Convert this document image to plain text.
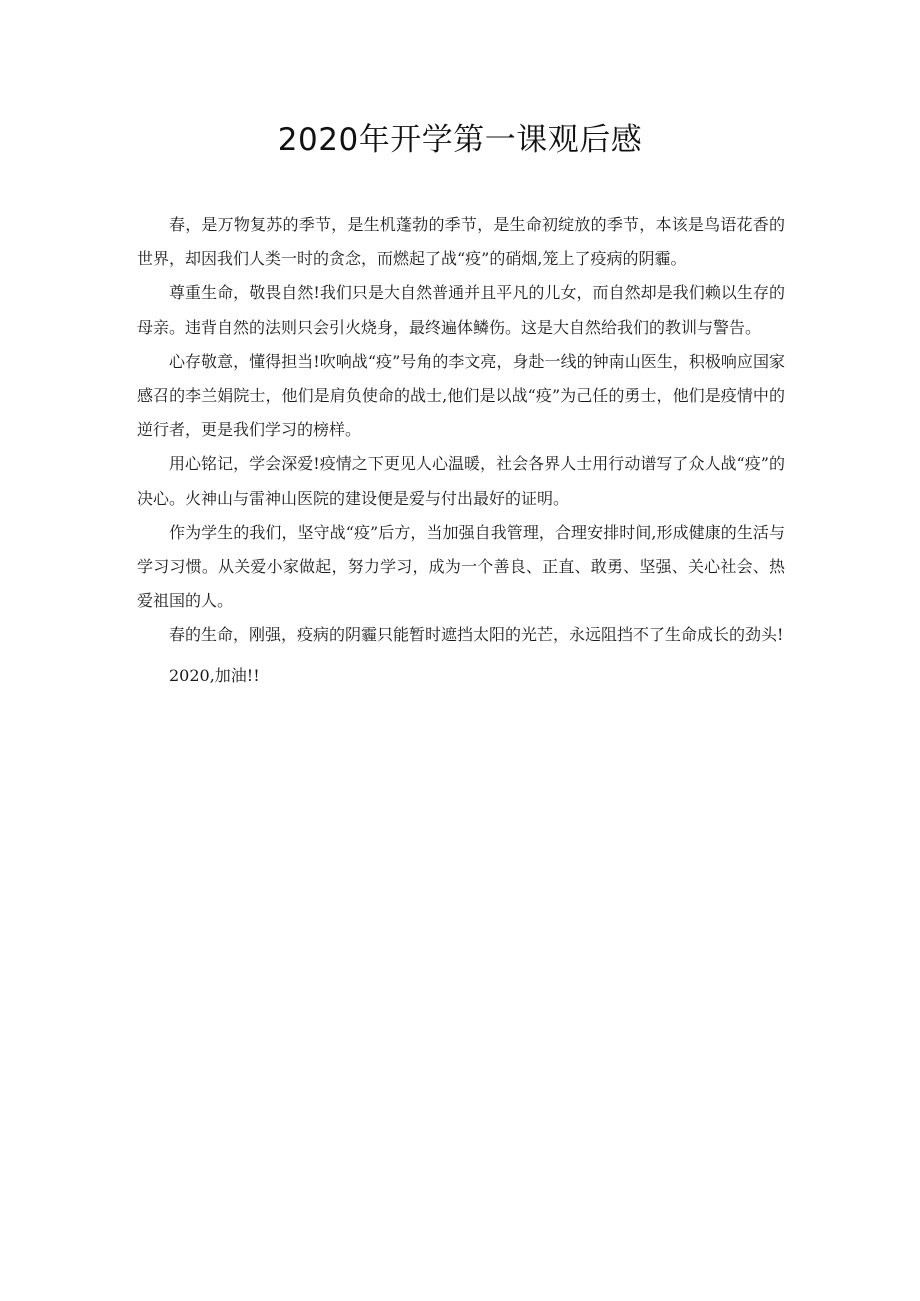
2020年开学第一课观后感

春，是万物复苏的季节，是生机蓬勃的季节，是生命初绽放的季节，本该是鸟语花香的世界，却因我们人类一时的贪念，而燃起了战“疫”的硝烟,笼上了疫病的阴霾。

尊重生命，敬畏自然!我们只是大自然普通并且平凡的儿女，而自然却是我们赖以生存的母亲。违背自然的法则只会引火烧身，最终遍体鳞伤。这是大自然给我们的教训与警告。

心存敬意，懂得担当!吹响战“疫”号角的李文亮，身赴一线的钟南山医生，积极响应国家感召的李兰娟院士，他们是肩负使命的战士,他们是以战“疫”为己任的勇士，他们是疫情中的逆行者，更是我们学习的榜样。

用心铭记，学会深爱!疫情之下更见人心温暖，社会各界人士用行动谱写了众人战“疫”的决心。火神山与雷神山医院的建设便是爱与付出最好的证明。

作为学生的我们，坚守战“疫”后方，当加强自我管理，合理安排时间,形成健康的生活与学习习惯。从关爱小家做起，努力学习，成为一个善良、正直、敢勇、坚强、关心社会、热爱祖国的人。

春的生命，刚强，疫病的阴霾只能暂时遮挡太阳的光芒，永远阻挡不了生命成长的劲头!

2020,加油!!
